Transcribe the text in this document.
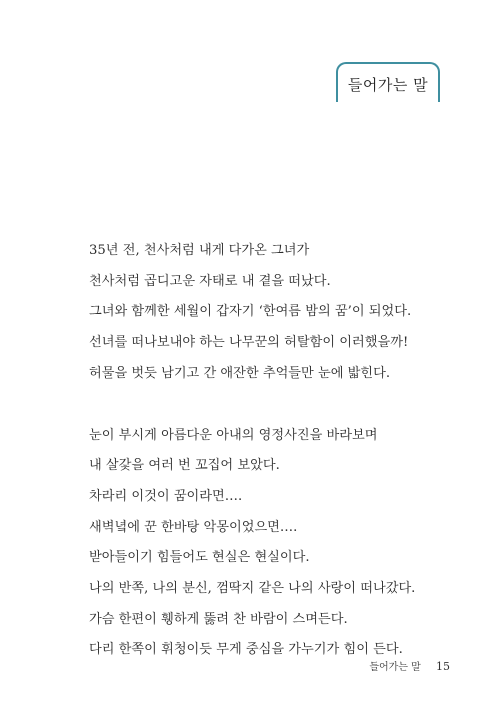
들어가는 말
35년 전, 천사처럼 내게 다가온 그녀가
천사처럼 곱디고운 자태로 내 곁을 떠났다.
그녀와 함께한 세월이 갑자기 ‘한여름 밤의 꿈’이 되었다.
선녀를 떠나보내야 하는 나무꾼의 허탈함이 이러했을까!
허물을 벗듯 남기고 간 애잔한 추억들만 눈에 밟힌다.
눈이 부시게 아름다운 아내의 영정사진을 바라보며
내 살갗을 여러 번 꼬집어 보았다.
차라리 이것이 꿈이라면….
새벽녘에 꾼 한바탕 악몽이었으면….
받아들이기 힘들어도 현실은 현실이다.
나의 반쪽, 나의 분신, 껌딱지 같은 나의 사랑이 떠나갔다.
가슴 한편이 휑하게 뚫려 찬 바람이 스며든다.
다리 한쪽이 휘청이듯 무게 중심을 가누기가 힘이 든다.
들어가는 말 15
